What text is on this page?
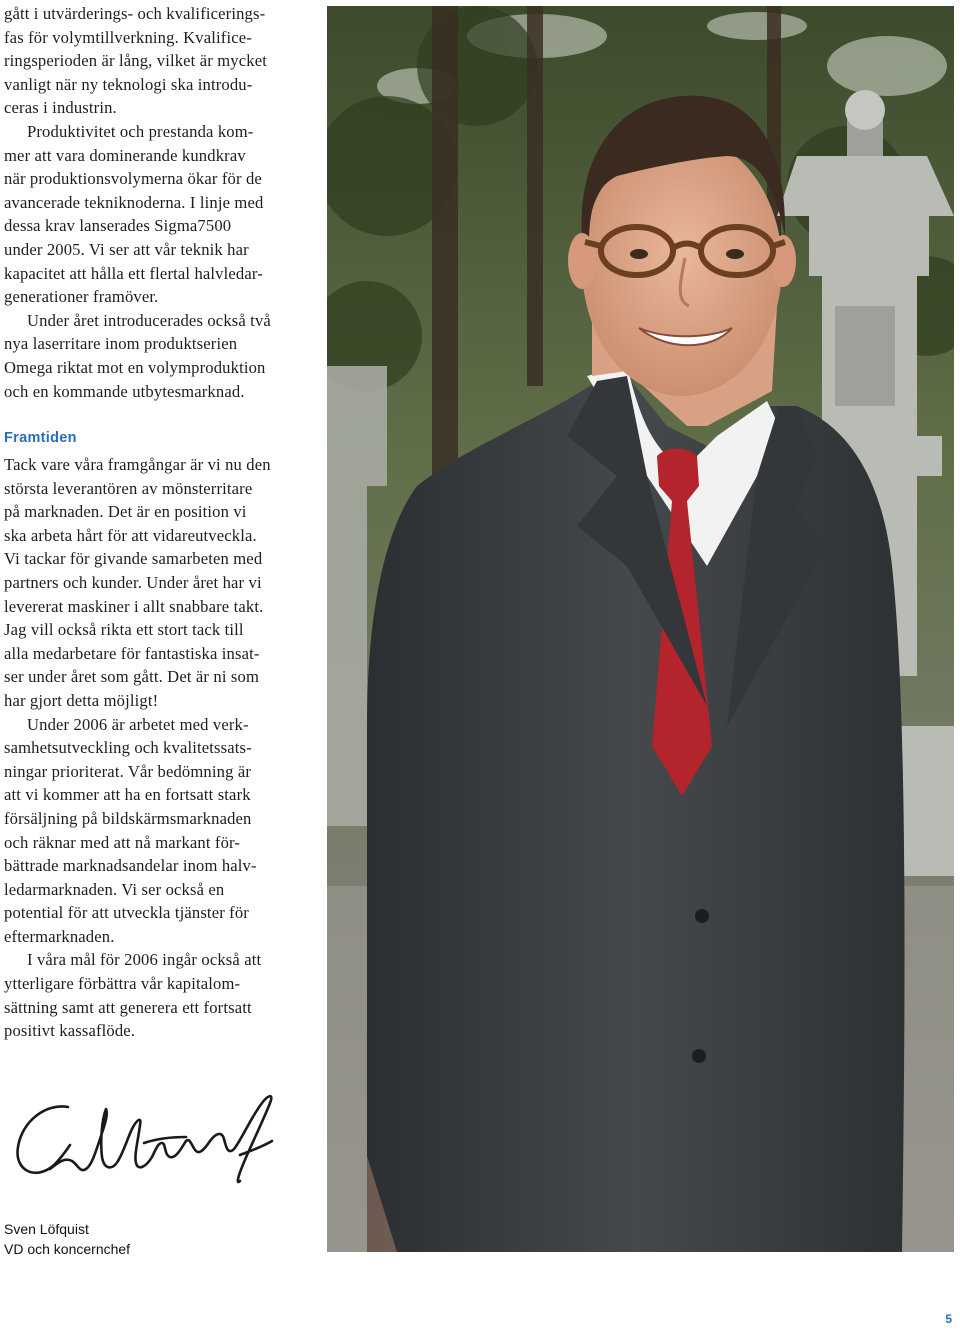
gått i utvärderings- och kvalificerings-
fas för volymtillverkning. Kvalifice-
ringsperioden är lång, vilket är mycket
vanligt när ny teknologi ska introdu-
ceras i industrin.

Produktivitet och prestanda kom-
mer att vara dominerande kundkrav
när produktionsvolymerna ökar för de
avancerade tekniknoderna. I linje med
dessa krav lanserades Sigma7500
under 2005. Vi ser att vår teknik har
kapacitet att hålla ett flertal halvledar-
generationer framöver.

Under året introducerades också två
nya laserritare inom produktserien
Omega riktat mot en volymproduktion
och en kommande utbytesmarknad.

Framtiden

Tack vare våra framgångar är vi nu den
största leverantören av mönsterritare
på marknaden. Det är en position vi
ska arbeta hårt för att vidareutveckla.
Vi tackar för givande samarbeten med
partners och kunder. Under året har vi
levererat maskiner i allt snabbare takt.
Jag vill också rikta ett stort tack till
alla medarbetare för fantastiska insat-
ser under året som gått. Det är ni som
har gjort detta möjligt!

Under 2006 är arbetet med verk-
samhetsutveckling och kvalitetssats-
ningar prioriterat. Vår bedömning är
att vi kommer att ha en fortsatt stark
försäljning på bildskärmsmarknaden
och räknar med att nå markant för-
bättrade marknadsandelar inom halv-
ledarmarknaden. Vi ser också en
potential för att utveckla tjänster för
eftermarknaden.

I våra mål för 2006 ingår också att
ytterligare förbättra vår kapitalom-
sättning samt att generera ett fortsatt
positivt kassaflöde.

Sven Löfquist
VD och koncernchef
5
